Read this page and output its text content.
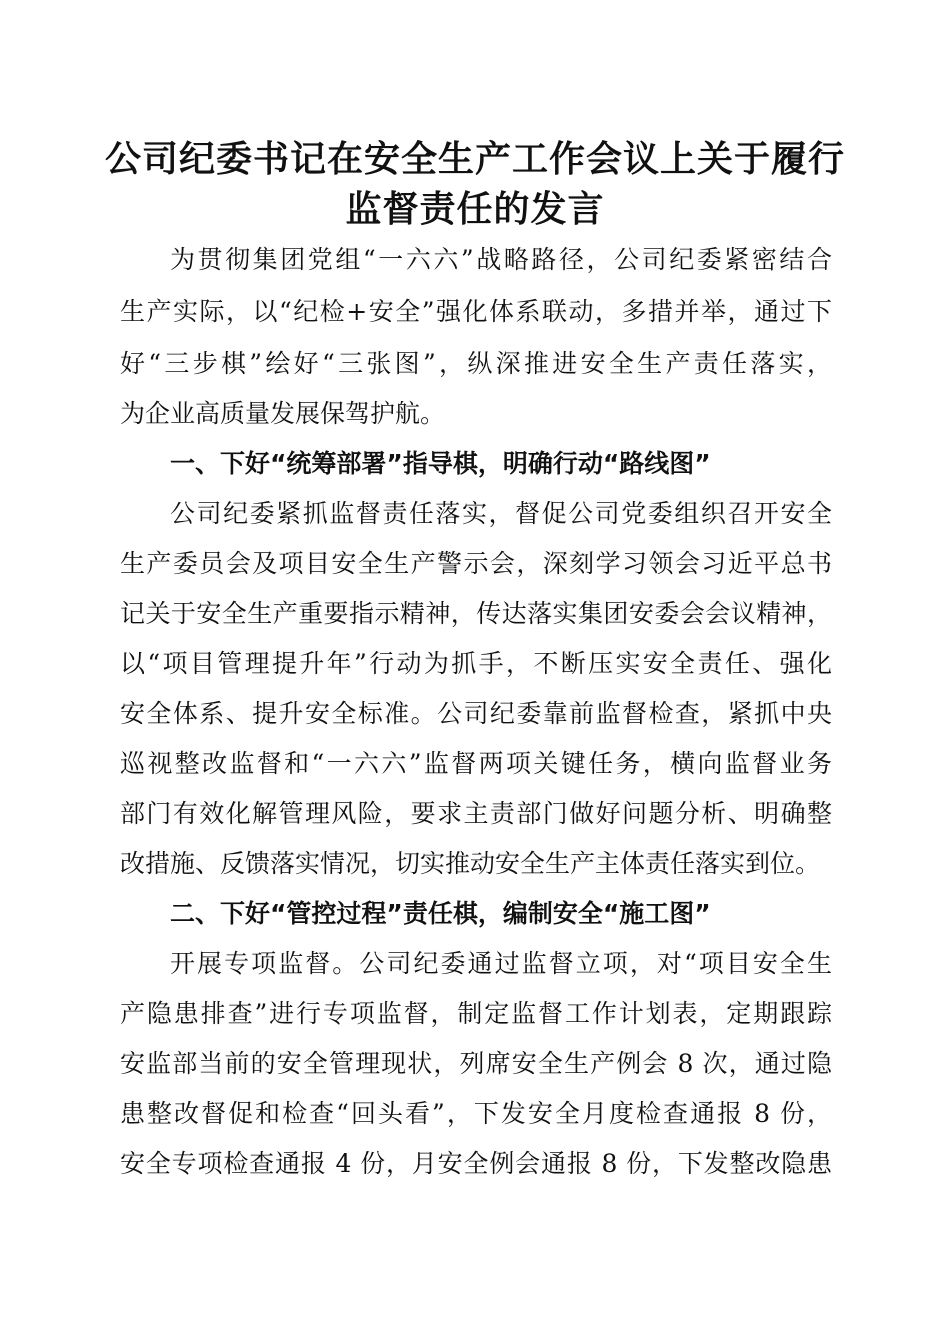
公司纪委书记在安全生产工作会议上关于履行
监督责任的发言
为贯彻集团党组“一六六”战略路径，公司纪委紧密结合
生产实际，以“纪检+安全”强化体系联动，多措并举，通过下
好“三步棋”绘好“三张图”，纵深推进安全生产责任落实，
为企业高质量发展保驾护航。
一、下好“统筹部署”指导棋，明确行动“路线图”
公司纪委紧抓监督责任落实，督促公司党委组织召开安全
生产委员会及项目安全生产警示会，深刻学习领会习近平总书
记关于安全生产重要指示精神，传达落实集团安委会会议精神，
以“项目管理提升年”行动为抓手，不断压实安全责任、强化
安全体系、提升安全标准。公司纪委靠前监督检查，紧抓中央
巡视整改监督和“一六六”监督两项关键任务，横向监督业务
部门有效化解管理风险，要求主责部门做好问题分析、明确整
改措施、反馈落实情况，切实推动安全生产主体责任落实到位。
二、下好“管控过程”责任棋，编制安全“施工图”
开展专项监督。公司纪委通过监督立项，对“项目安全生
产隐患排查”进行专项监督，制定监督工作计划表，定期跟踪
安监部当前的安全管理现状，列席安全生产例会 8 次，通过隐
患整改督促和检查“回头看”，下发安全月度检查通报 8 份，
安全专项检查通报 4 份，月安全例会通报 8 份，下发整改隐患
